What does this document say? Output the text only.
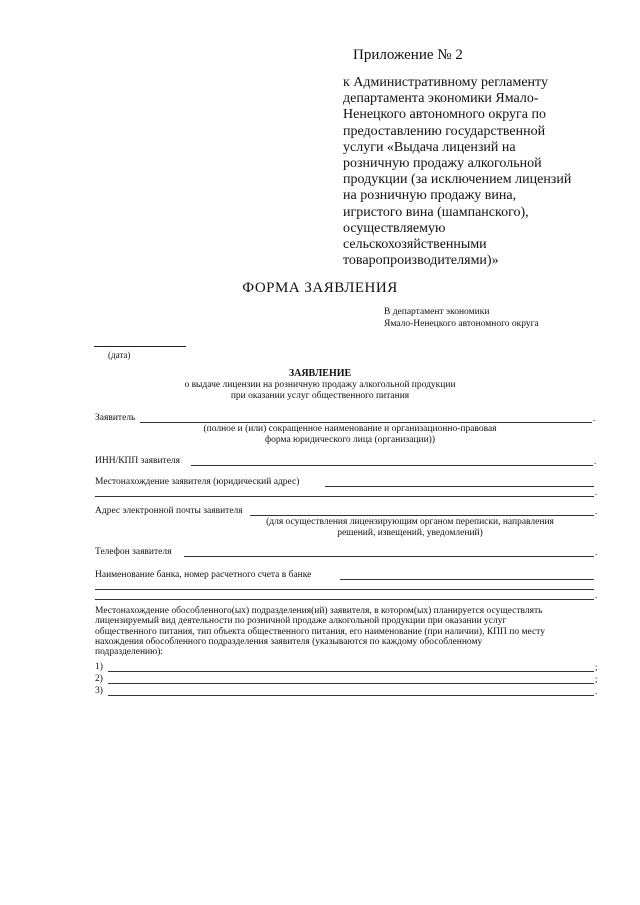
Приложение № 2
к Административному регламенту
департамента экономики Ямало-
Ненецкого автономного округа по
предоставлению государственной
услуги «Выдача лицензий на
розничную продажу алкогольной
продукции (за исключением лицензий
на розничную продажу вина,
игристого вина (шампанского),
осуществляемую
сельскохозяйственными
товаропроизводителями)»
ФОРМА ЗАЯВЛЕНИЯ
В департамент экономики
Ямало-Ненецкого автономного округа
(дата)
ЗАЯВЛЕНИЕ
о выдаче лицензии на розничную продажу алкогольной продукции
при оказании услуг общественного питания
Заявитель	.
(полное и (или) сокращенное наименование и организационно-правовая
форма юридического лица (организации))
ИНН/КПП заявителя	.
Местонахождение заявителя (юридический адрес)
.
Адрес электронной почты заявителя	.
(для осуществления лицензирующим органом переписки, направления
решений, извещений, уведомлений)
Телефон заявителя	.
Наименование банка, номер расчетного счета в банке
.
Местонахождение обособленного(ых) подразделения(ий) заявителя, в котором(ых) планируется осуществлять
лицензируемый вид деятельности по розничной продаже алкогольной продукции при оказании услуг
общественного питания, тип объекта общественного питания, его наименование (при наличии), КПП по месту
нахождения обособленного подразделения заявителя (указываются по каждому обособленному
подразделению):
1)	;
2)	;
3)	.
